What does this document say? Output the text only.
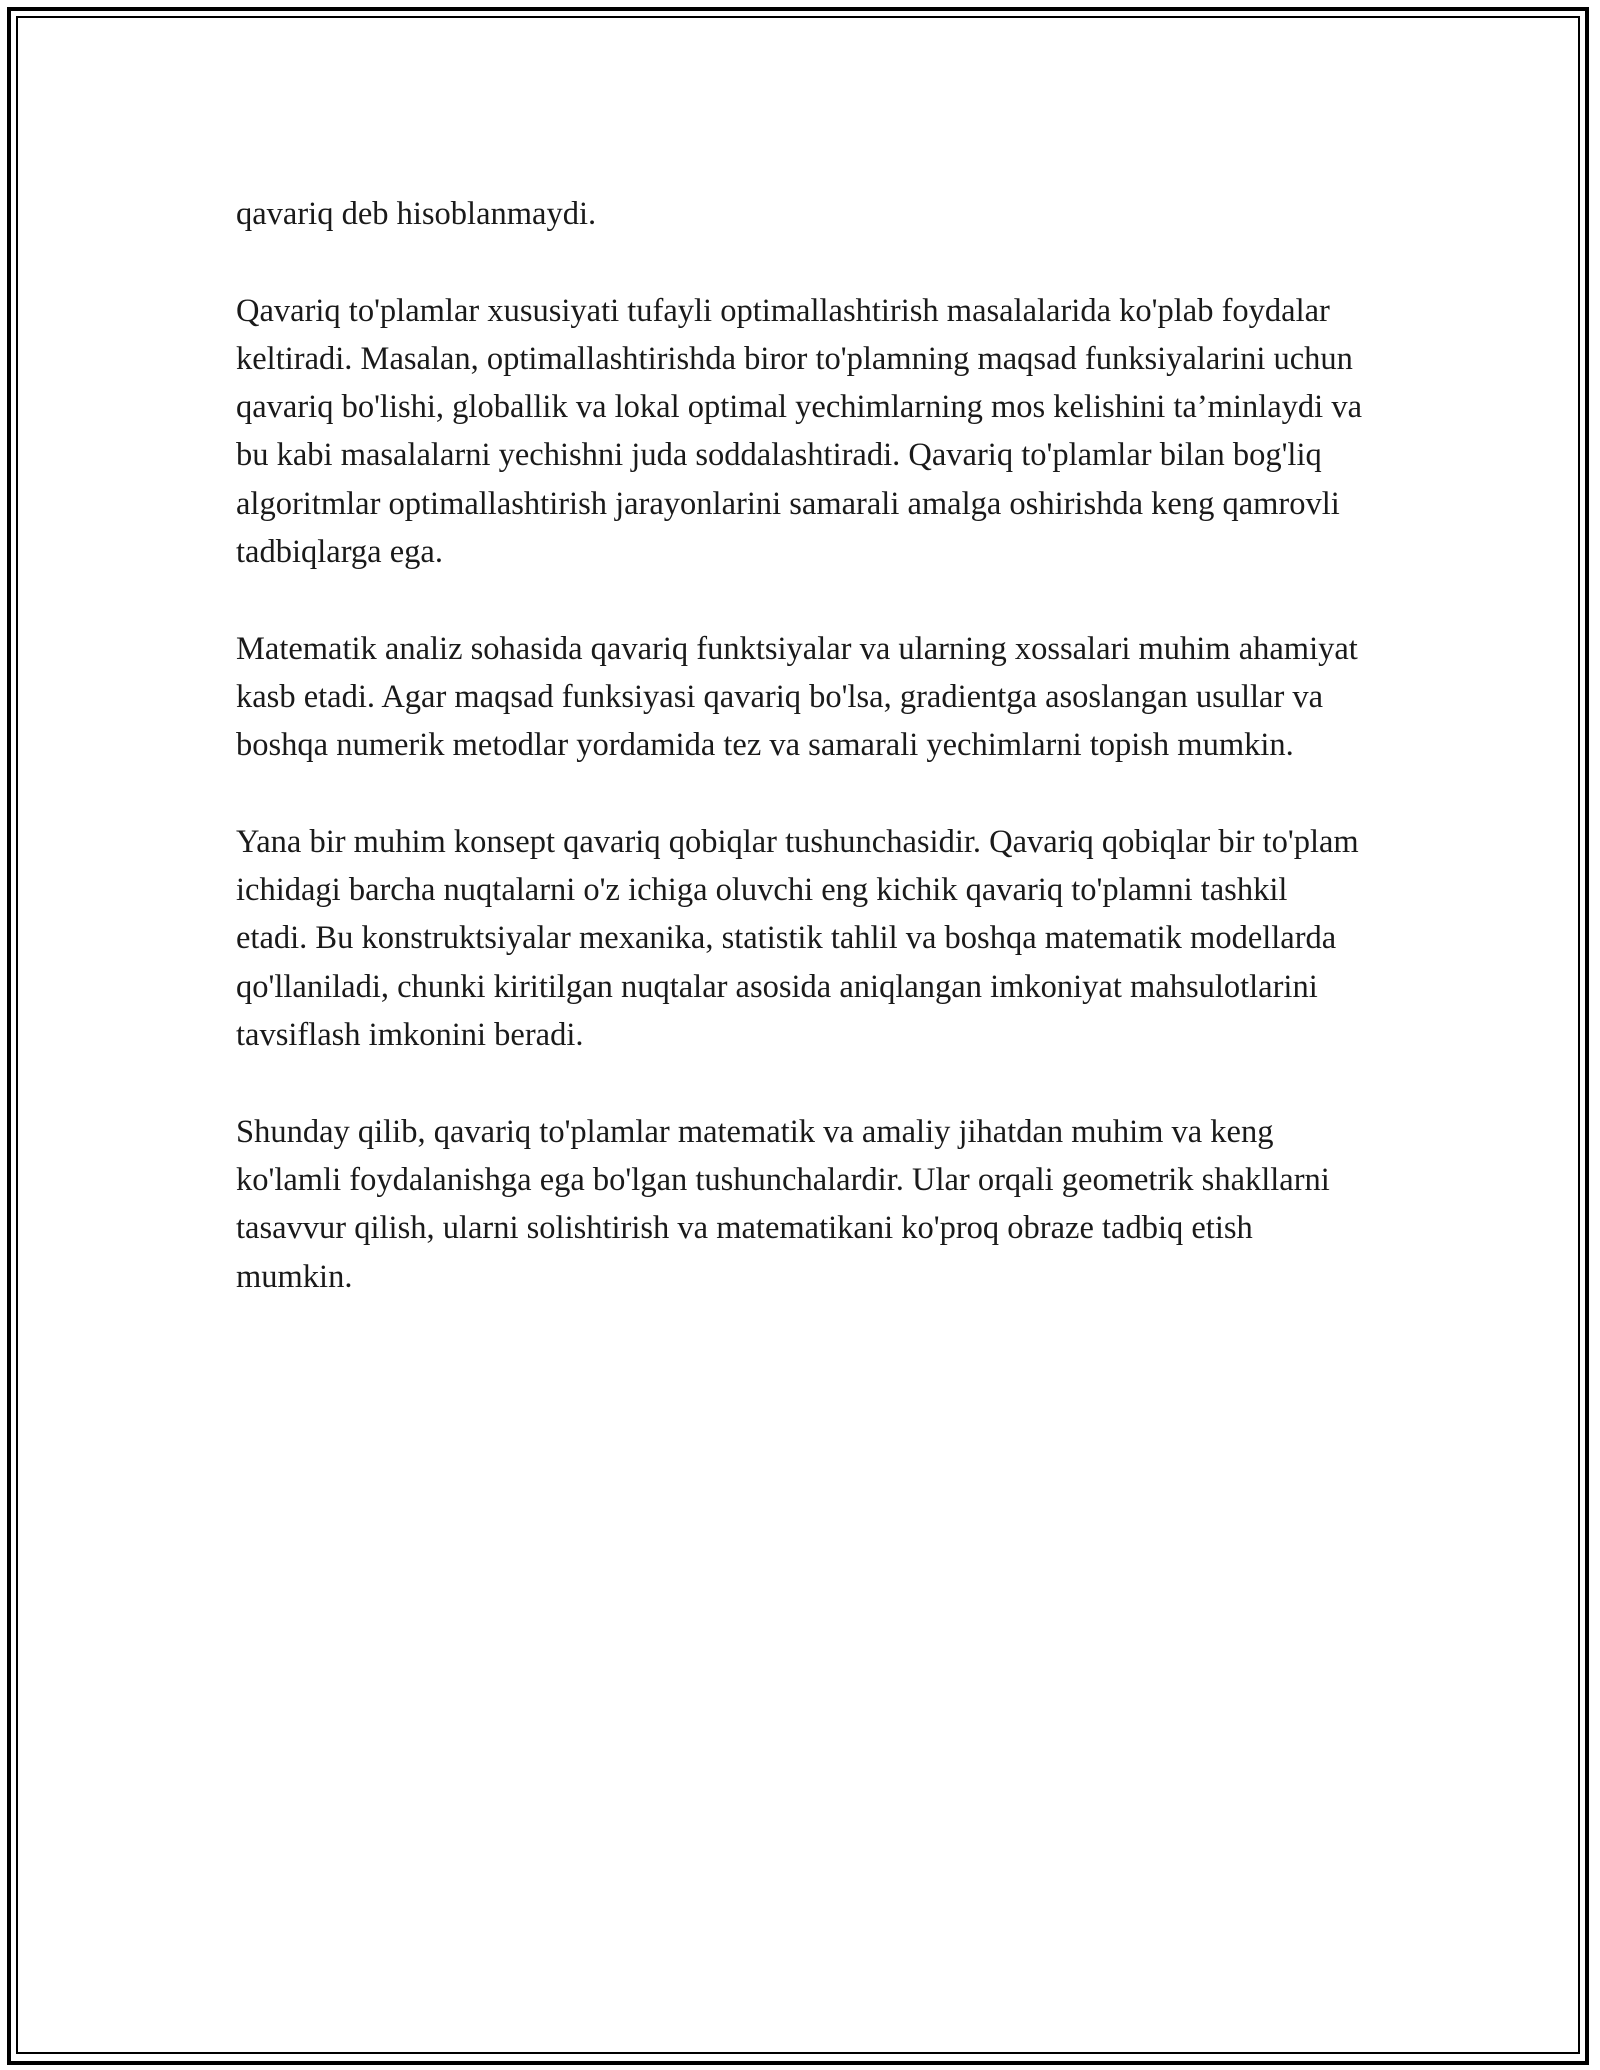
qavariq deb hisoblanmaydi.

Qavariq to'plamlar xususiyati tufayli optimallashtirish masalalarida ko'plab foydalar keltiradi. Masalan, optimallashtirishda biror to'plamning maqsad funksiyalarini uchun qavariq bo'lishi, globallik va lokal optimal yechimlarning mos kelishini ta’minlaydi va bu kabi masalalarni yechishni juda soddalashtiradi. Qavariq to'plamlar bilan bog'liq algoritmlar optimallashtirish jarayonlarini samarali amalga oshirishda keng qamrovli tadbiqlarga ega.

Matematik analiz sohasida qavariq funktsiyalar va ularning xossalari muhim ahamiyat kasb etadi. Agar maqsad funksiyasi qavariq bo'lsa, gradientga asoslangan usullar va boshqa numerik metodlar yordamida tez va samarali yechimlarni topish mumkin.

Yana bir muhim konsept qavariq qobiqlar tushunchasidir. Qavariq qobiqlar bir to'plam ichidagi barcha nuqtalarni o'z ichiga oluvchi eng kichik qavariq to'plamni tashkil etadi. Bu konstruktsiyalar mexanika, statistik tahlil va boshqa matematik modellarda qo'llaniladi, chunki kiritilgan nuqtalar asosida aniqlangan imkoniyat mahsulotlarini tavsiflash imkonini beradi.

Shunday qilib, qavariq to'plamlar matematik va amaliy jihatdan muhim va keng ko'lamli foydalanishga ega bo'lgan tushunchalardir. Ular orqali geometrik shakllarni tasavvur qilish, ularni solishtirish va matematikani ko'proq obraze tadbiq etish mumkin.
